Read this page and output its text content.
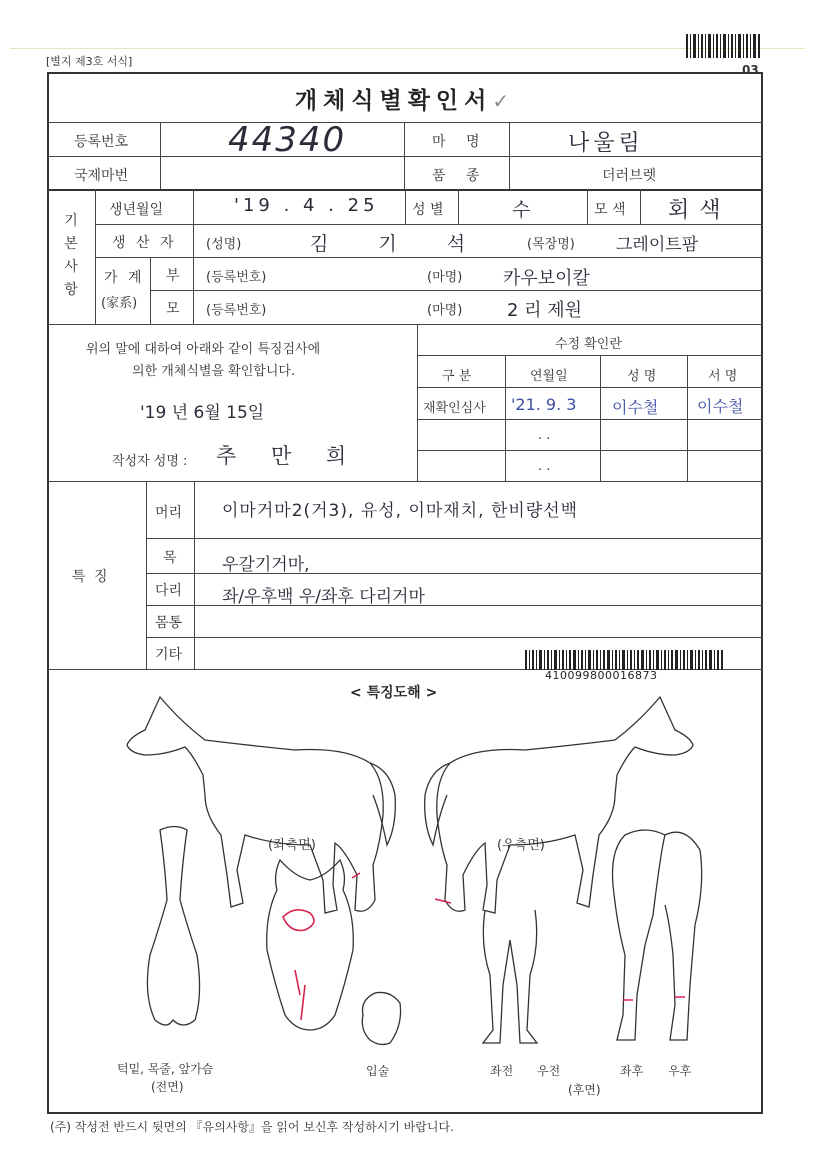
[별지 제3호 서식]
03
개체식별확인서✓
등록번호	44340	마 명	나울림
국제마번	품 종	더러브렛
기
본
사
항
생년월일	'19 . 4 . 25 성 별	수	모 색 회색
생 산 자 (성명)	김 기 석	(목장명) 그레이트팜
가 계
(家系)
부 (등록번호)	(마명) 카우보이칼
모 (등록번호)	(마명) 2 리 제원
위의 말에 대하여 아래와 같이 특징검사에
의한 개체식별을 확인합니다.
'19 년 6월 15일
작성자 성명 : 추 만 희
수정 확인란
구 분	연월일	성 명	서 명
재확인심사 '21. 9. 3 이수철 이수철
. .
. .
특 징
머리 이마거마2(거3), 유성, 이마재치, 한비량선백
목	우갈기거마,
다리 좌/우후백 우/좌후 다리거마
몸통
기타
410099800016873
< 특징도해 >
(좌측면)	(우측면)
턱밑, 목줄, 앞가슴
(전면)
입술	좌전 우전	좌후 우후
(후면)
(주) 작성전 반드시 뒷면의 『유의사항』을 읽어 보신후 작성하시기 바랍니다.
